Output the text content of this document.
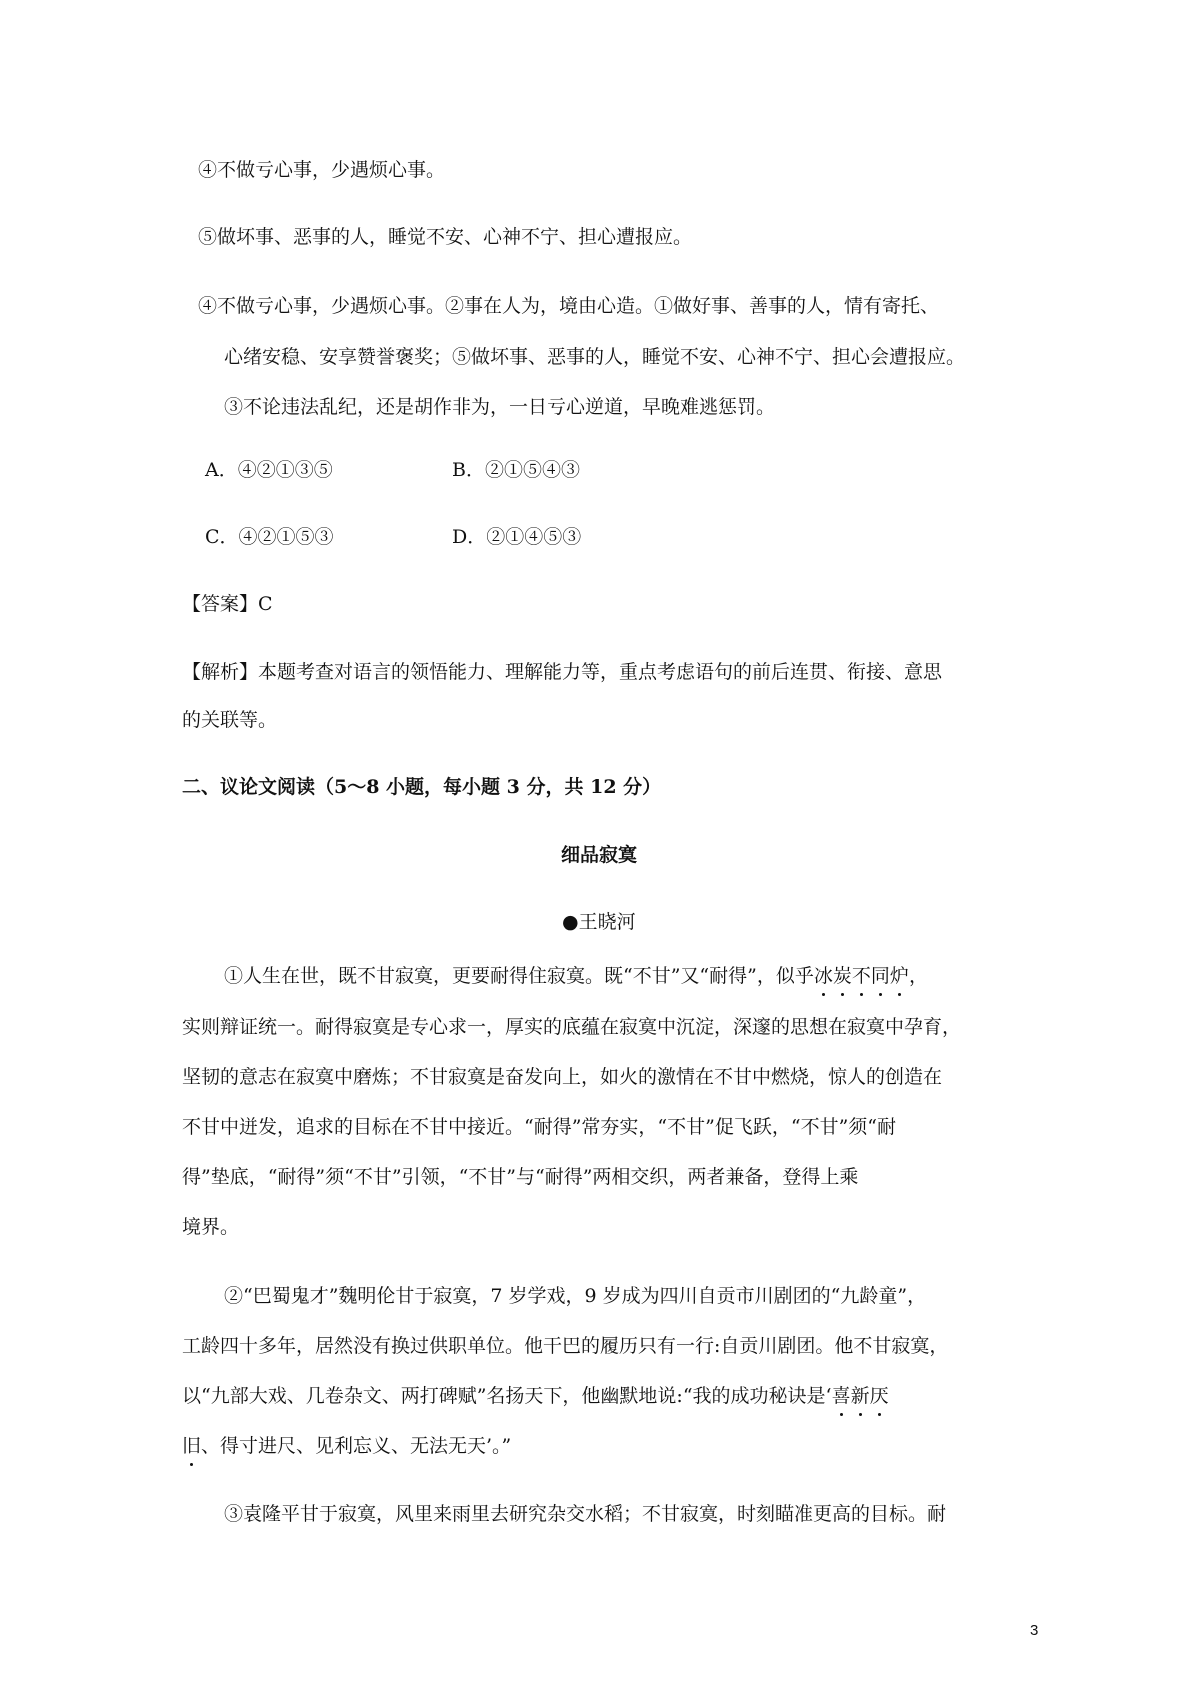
④不做亏心事，少遇烦心事。
⑤做坏事、恶事的人，睡觉不安、心神不宁、担心遭报应。
④不做亏心事，少遇烦心事。②事在人为，境由心造。①做好事、善事的人，情有寄托、
心绪安稳、安享赞誉褒奖；⑤做坏事、恶事的人，睡觉不安、心神不宁、担心会遭报应。
③不论违法乱纪，还是胡作非为，一日亏心逆道，早晚难逃惩罚。
A．④②①③⑤	B．②①⑤④③
C．④②①⑤③	D．②①④⑤③
【答案】C
【解析】本题考查对语言的领悟能力、理解能力等，重点考虑语句的前后连贯、衔接、意思
的关联等。
二、议论文阅读（5～8 小题，每小题 3 分，共 12 分）
细品寂寞
●王晓河
①人生在世，既不甘寂寞，更要耐得住寂寞。既“不甘”又“耐得”，似乎冰炭不同炉，
实则辩证统一。耐得寂寞是专心求一，厚实的底蕴在寂寞中沉淀，深邃的思想在寂寞中孕育，
坚韧的意志在寂寞中磨炼；不甘寂寞是奋发向上，如火的激情在不甘中燃烧，惊人的创造在
不甘中迸发，追求的目标在不甘中接近。“耐得”常夯实，“不甘”促飞跃，“不甘”须“耐
得”垫底，“耐得”须“不甘”引领，“不甘”与“耐得”两相交织，两者兼备，登得上乘
境界。
②“巴蜀鬼才”魏明伦甘于寂寞，7 岁学戏，9 岁成为四川自贡市川剧团的“九龄童”，
工龄四十多年，居然没有换过供职单位。他干巴的履历只有一行:自贡川剧团。他不甘寂寞，
以“九部大戏、几卷杂文、两打碑赋”名扬天下，他幽默地说:“我的成功秘诀是‘喜新厌
旧、得寸进尺、见利忘义、无法无天’。”
③袁隆平甘于寂寞，风里来雨里去研究杂交水稻；不甘寂寞，时刻瞄准更高的目标。耐
3
